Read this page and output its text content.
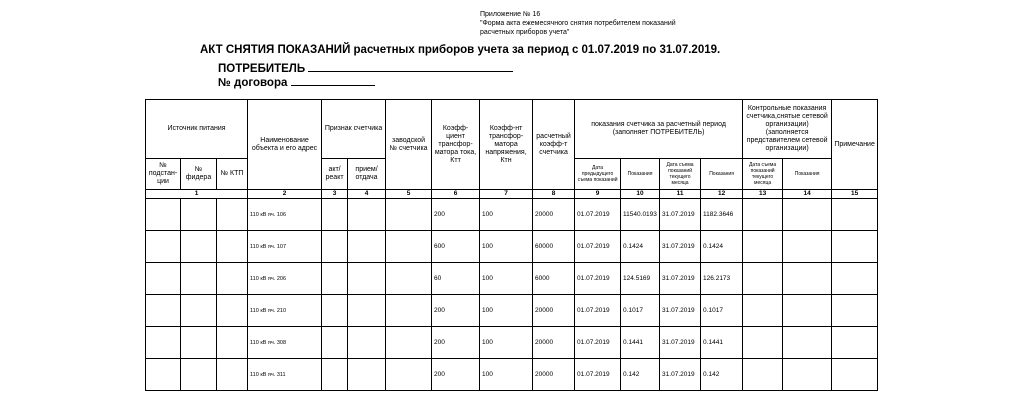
Приложение № 16
"Форма акта ежемесячного снятия потребителем показаний
расчетных приборов учета"
АКТ СНЯТИЯ ПОКАЗАНИЙ расчетных приборов учета за период с 01.07.2019 по 31.07.2019.
ПОТРЕБИТЕЛЬ
№ договора
Источник питания			Наименование объекта и его адрес	Признак счетчика		заводской № счетчика	Коэфф-циент трансфор-матора тока, Ктт	Коэфф-нт трансфор-матора напряжения, Ктн	расчетный коэфф-т счетчика	показания счетчика за расчетный период (заполняет ПОТРЕБИТЕЛЬ)				Контрольные показания счетчика,снятые сетевой организации) (заполняется представителем сетевой организации)		Примечание
№ подстан-ции	№ фидера	№ КТП		акт/ реакт	прием/ отдача					Дата предыдущего съема показаний	Показания	Дата съема показаний текущего месяца	Показания	Дата съема показаний текущего месяца	Показания	
1			2	3	4	5	6	7	8	9	10	11	12	13	14	15
			110 кВ яч. 106				200	100	20000	01.07.2019	11540.0193	31.07.2019	1182.3646			
			110 кВ яч. 107				600	100	60000	01.07.2019	0.1424	31.07.2019	0.1424			
			110 кВ яч. 206				60	100	6000	01.07.2019	124.5169	31.07.2019	126.2173			
			110 кВ яч. 210				200	100	20000	01.07.2019	0.1017	31.07.2019	0.1017			
			110 кВ яч. 308				200	100	20000	01.07.2019	0.1441	31.07.2019	0.1441			
			110 кВ яч. 311				200	100	20000	01.07.2019	0.142	31.07.2019	0.142			
